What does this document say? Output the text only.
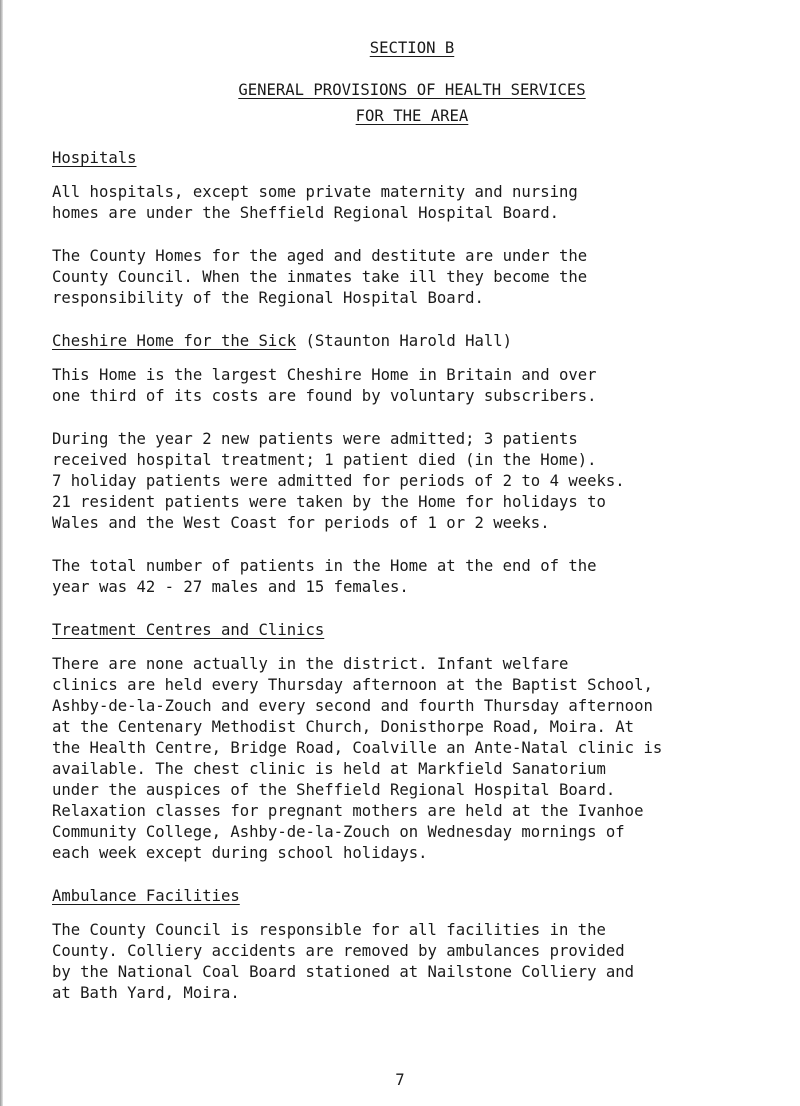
SECTION B
GENERAL PROVISIONS OF HEALTH SERVICES
FOR THE AREA
Hospitals

All hospitals, except some private maternity and nursing
homes are under the Sheffield Regional Hospital Board.

The County Homes for the aged and destitute are under the
County Council. When the inmates take ill they become the
responsibility of the Regional Hospital Board.

Cheshire Home for the Sick (Staunton Harold Hall)

This Home is the largest Cheshire Home in Britain and over
one third of its costs are found by voluntary subscribers.

During the year 2 new patients were admitted; 3 patients
received hospital treatment; 1 patient died (in the Home).
7 holiday patients were admitted for periods of 2 to 4 weeks.
21 resident patients were taken by the Home for holidays to
Wales and the West Coast for periods of 1 or 2 weeks.

The total number of patients in the Home at the end of the
year was 42 - 27 males and 15 females.

Treatment Centres and Clinics

There are none actually in the district. Infant welfare
clinics are held every Thursday afternoon at the Baptist School,
Ashby-de-la-Zouch and every second and fourth Thursday afternoon
at the Centenary Methodist Church, Donisthorpe Road, Moira. At
the Health Centre, Bridge Road, Coalville an Ante-Natal clinic is
available. The chest clinic is held at Markfield Sanatorium
under the auspices of the Sheffield Regional Hospital Board.
Relaxation classes for pregnant mothers are held at the Ivanhoe
Community College, Ashby-de-la-Zouch on Wednesday mornings of
each week except during school holidays.

Ambulance Facilities

The County Council is responsible for all facilities in the
County. Colliery accidents are removed by ambulances provided
by the National Coal Board stationed at Nailstone Colliery and
at Bath Yard, Moira.

7
